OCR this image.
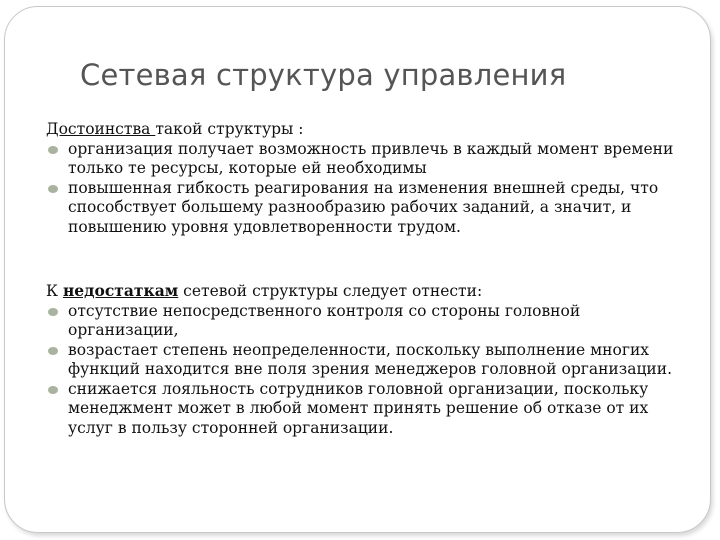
Сетевая структура управления

Достоинства такой структуры :

организация получает возможность привлечь в каждый момент времени только те ресурсы, которые ей необходимы
повышенная гибкость реагирования на изменения внешней среды, что способствует большему разнообразию рабочих заданий, а значит, и повышению уровня удовлетворенности трудом.

К недостаткам сетевой структуры следует отнести:

отсутствие непосредственного контроля со стороны головной организации,
возрастает степень неопределенности, поскольку выполнение многих функций находится вне поля зрения менеджеров головной организации.
снижается лояльность сотрудников головной организации, поскольку менеджмент может в любой момент принять решение об отказе от их услуг в пользу сторонней организации.
